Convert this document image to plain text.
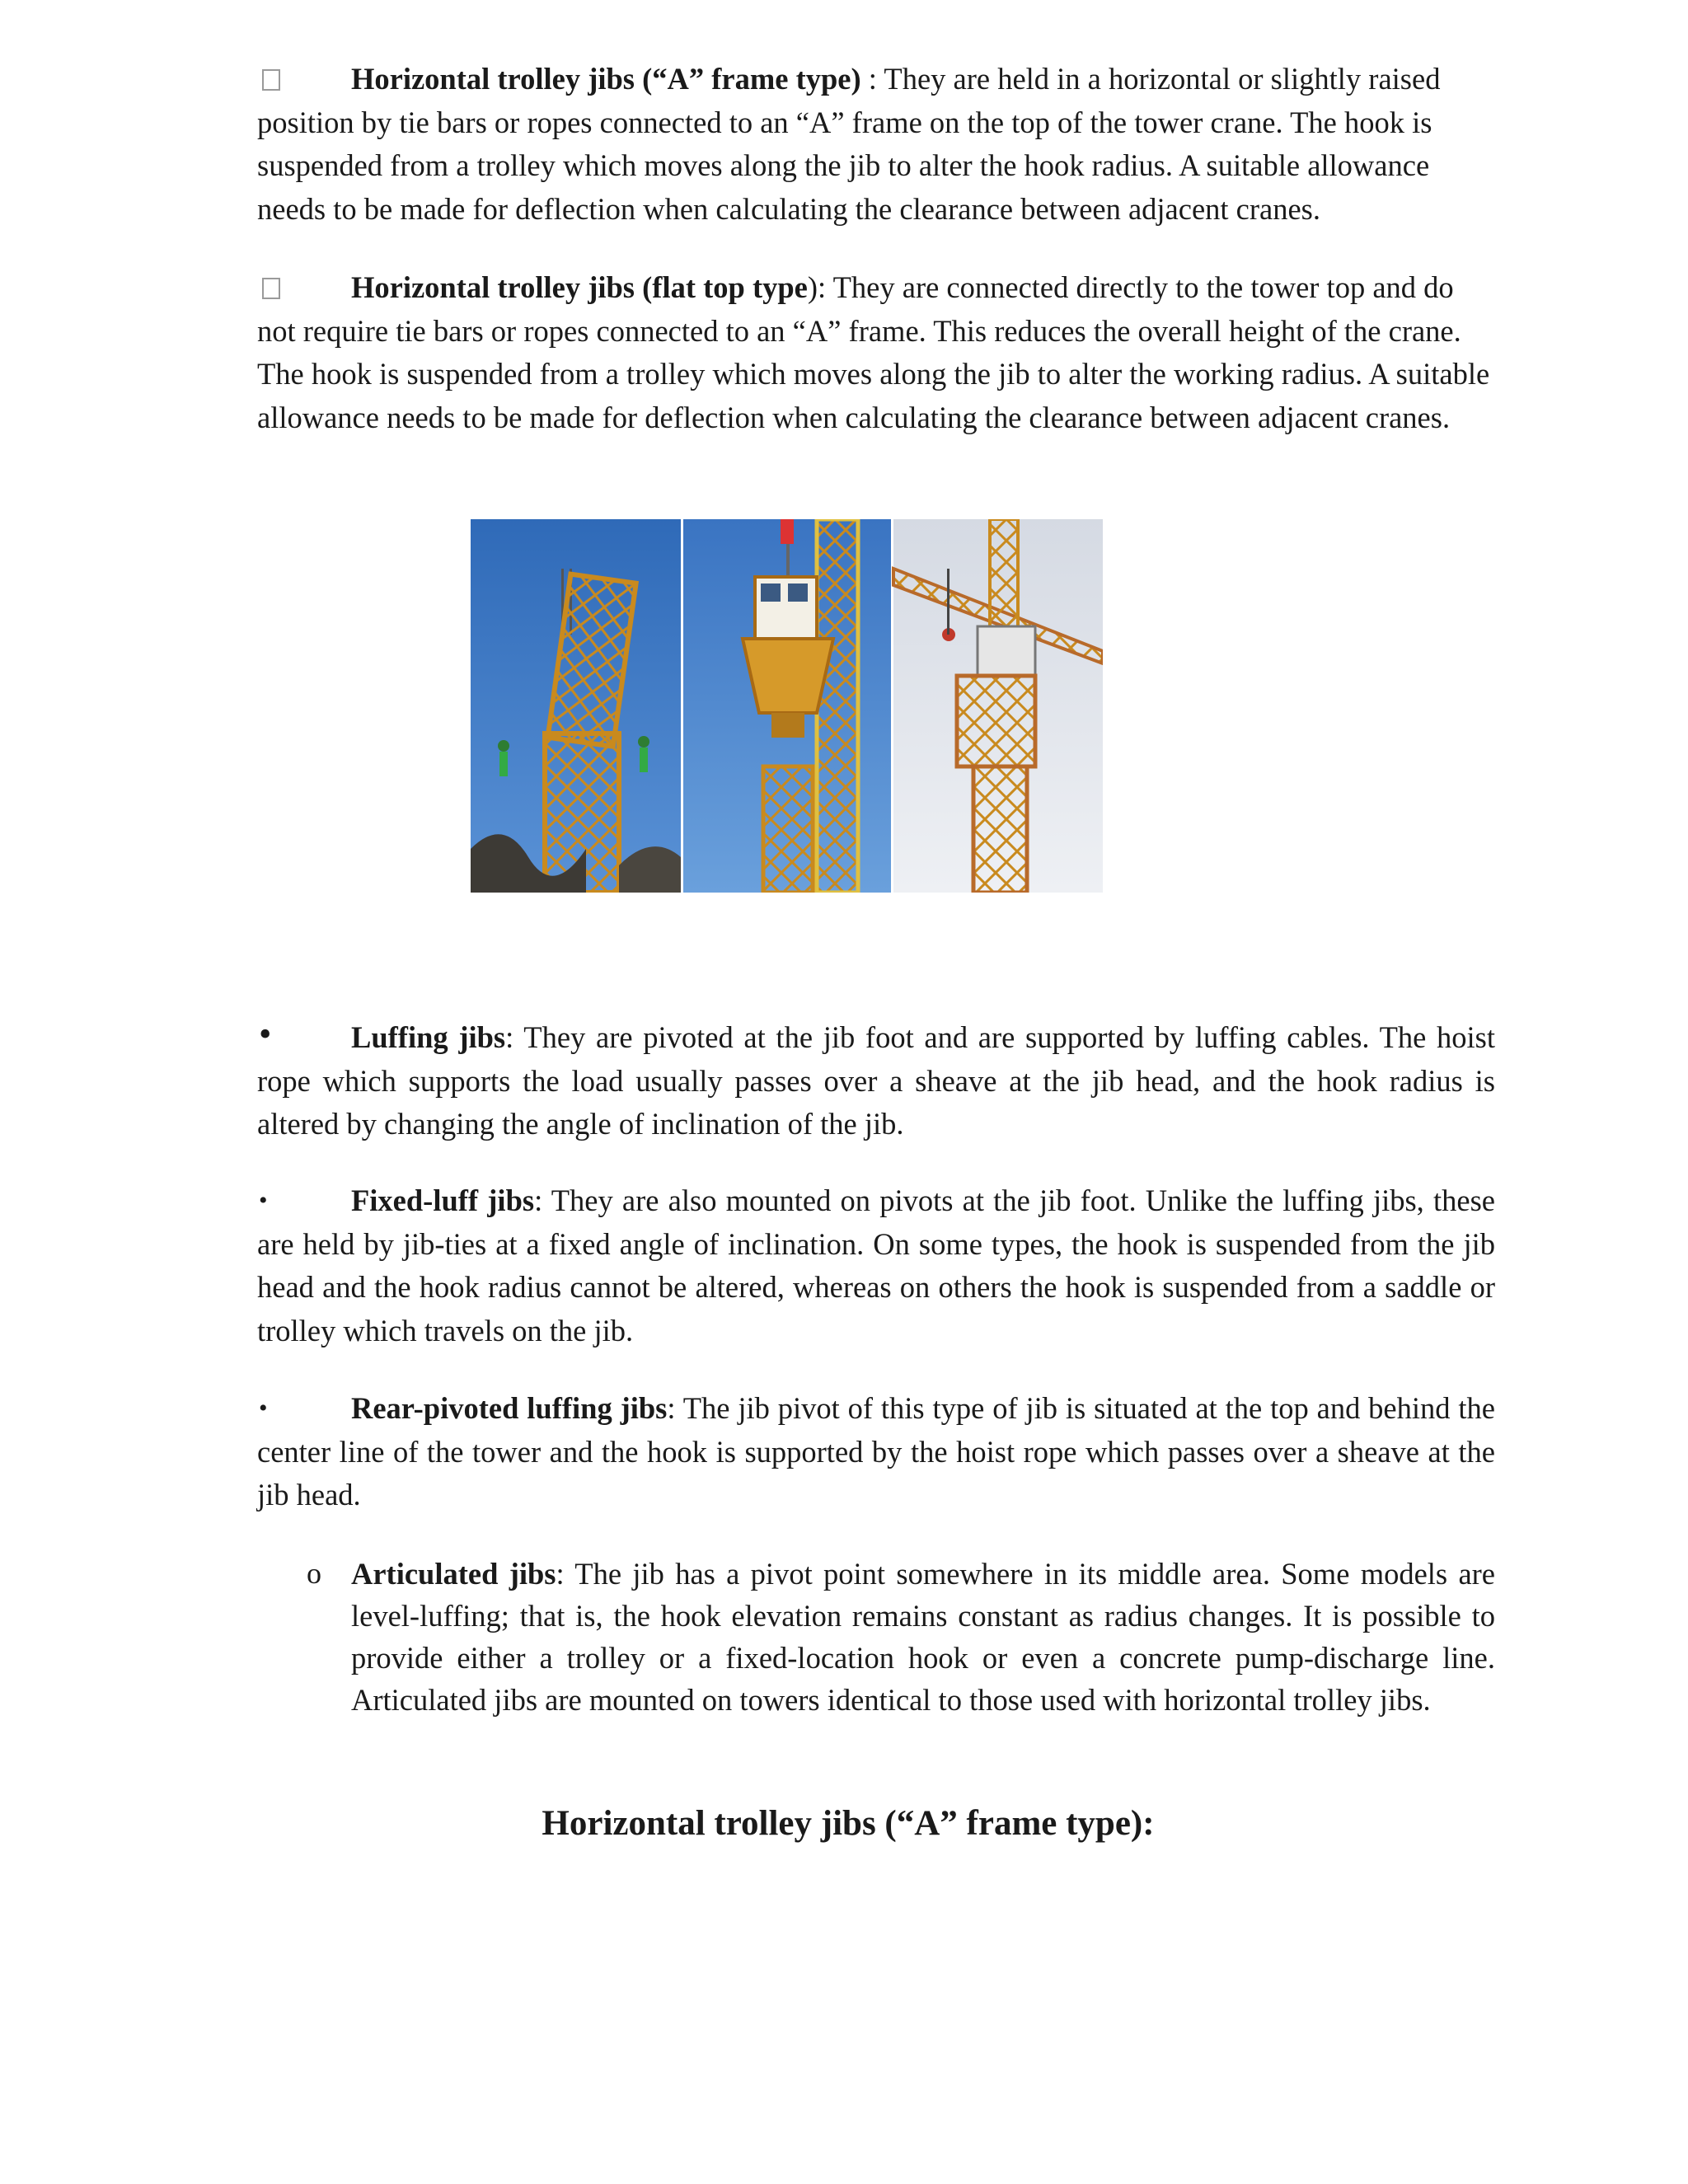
Horizontal trolley jibs (“A” frame type) : They are held in a horizontal or slightly raised position by tie bars or ropes connected to an “A” frame on the top of the tower crane. The hook is suspended from a trolley which moves along the jib to alter the hook radius. A suitable allowance needs to be made for deflection when calculating the clearance between adjacent cranes.
Horizontal trolley jibs (flat top type): They are connected directly to the tower top and do not require tie bars or ropes connected to an “A” frame. This reduces the overall height of the crane. The hook is suspended from a trolley which moves along the jib to alter the working radius. A suitable allowance needs to be made for deflection when calculating the clearance between adjacent cranes.
•	Luffing jibs: They are pivoted at the jib foot and are supported by luffing cables. The hoist rope which supports the load usually passes over a sheave at the jib head, and the hook radius is altered by changing the angle of inclination of the jib.
•	Fixed-luff jibs: They are also mounted on pivots at the jib foot. Unlike the luffing jibs, these are held by jib-ties at a fixed angle of inclination. On some types, the hook is suspended from the jib head and the hook radius cannot be altered, whereas on others the hook is suspended from a saddle or trolley which travels on the jib.
•	Rear-pivoted luffing jibs: The jib pivot of this type of jib is situated at the top and behind the center line of the tower and the hook is supported by the hoist rope which passes over a sheave at the jib head.
o Articulated jibs: The jib has a pivot point somewhere in its middle area. Some models are level-luffing; that is, the hook elevation remains constant as radius changes. It is possible to provide either a trolley or a fixed-location hook or even a concrete pump-discharge line. Articulated jibs are mounted on towers identical to those used with horizontal trolley jibs.
Horizontal trolley jibs (“A” frame type):
